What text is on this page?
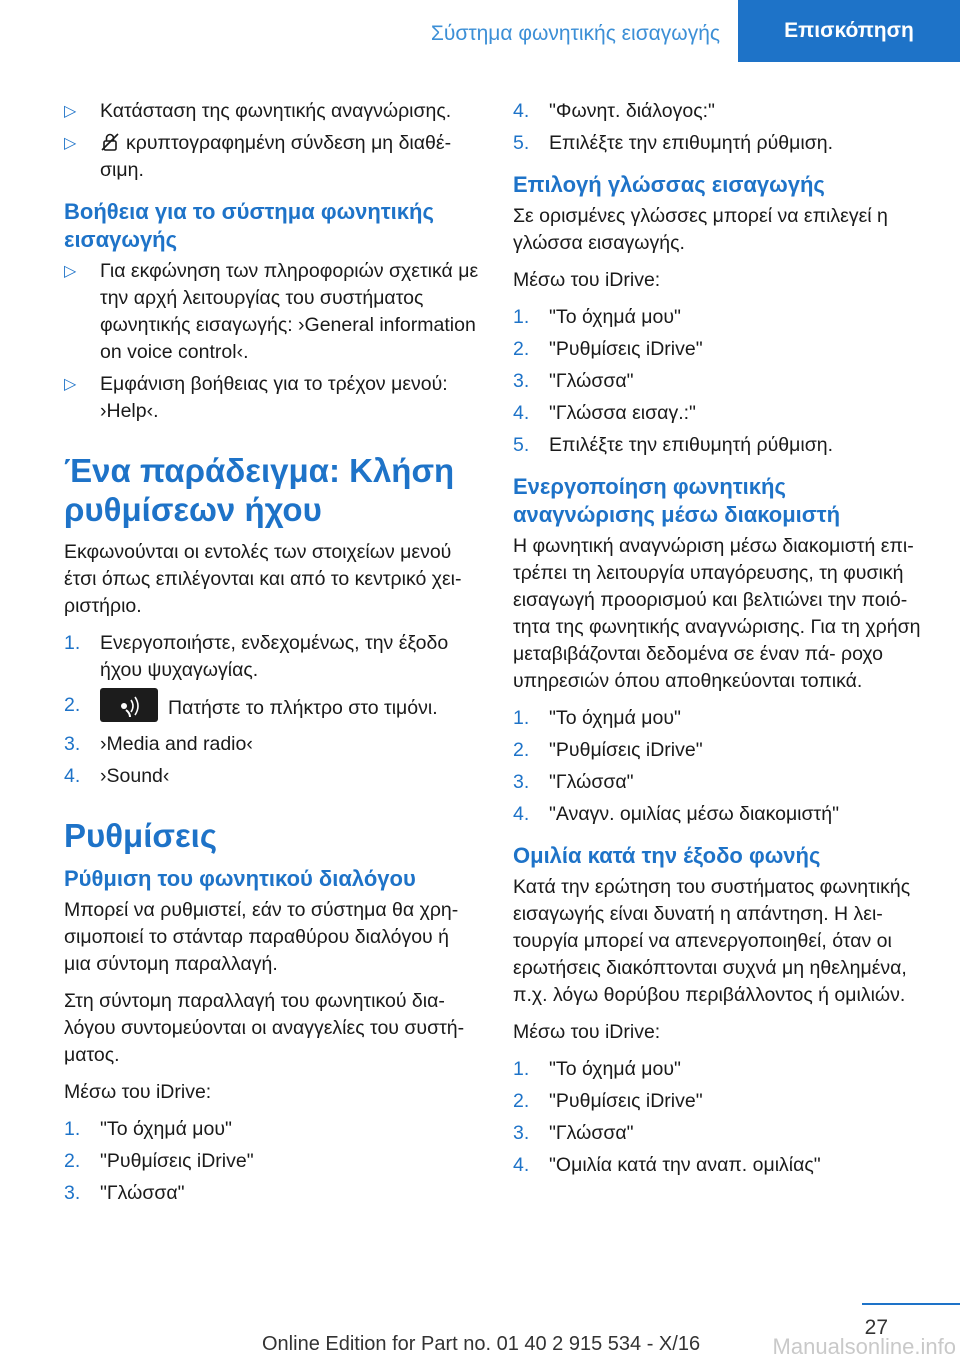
Σύστημα φωνητικής εισαγωγής	Επισκόπηση
▷ Κατάσταση της φωνητικής αναγνώρισης.
▷ κρυπτογραφημένη σύνδεση μη διαθέ‐ σιμη.
Βοήθεια για το σύστημα φωνητικής εισαγωγής
▷ Για εκφώνηση των πληροφοριών σχετικά με την αρχή λειτουργίας του συστήματος φωνητικής εισαγωγής: ›General information on voice control‹.
▷ Εμφάνιση βοήθειας για το τρέχον μενού: ›Help‹.
Ένα παράδειγμα: Κλήση ρυθμίσεων ήχου

Εκφωνούνται οι εντολές των στοιχείων μενού έτσι όπως επιλέγονται και από το κεντρικό χει‐ ριστήριο.

1. Ενεργοποιήστε, ενδεχομένως, την έξοδο ήχου ψυχαγωγίας.
2.	Πατήστε το πλήκτρο στο τιμόνι.
3. ›Media and radio‹
4. ›Sound‹
Ρυθμίσεις
Ρύθμιση του φωνητικού διαλόγου

Μπορεί να ρυθμιστεί, εάν το σύστημα θα χρη‐ σιμοποιεί το στάνταρ παραθύρου διαλόγου ή μια σύντομη παραλλαγή.

Στη σύντομη παραλλαγή του φωνητικού δια‐ λόγου συντομεύονται οι αναγγελίες του συστή‐ ματος.

Μέσω του iDrive:

1. "Το όχημά μου"
2. "Ρυθμίσεις iDrive"
3. "Γλώσσα"
4. "Φωνητ. διάλογος:"
5. Επιλέξτε την επιθυμητή ρύθμιση.
Επιλογή γλώσσας εισαγωγής

Σε ορισμένες γλώσσες μπορεί να επιλεγεί η γλώσσα εισαγωγής.

Μέσω του iDrive:

1. "Το όχημά μου"
2. "Ρυθμίσεις iDrive"
3. "Γλώσσα"
4. "Γλώσσα εισαγ.:"
5. Επιλέξτε την επιθυμητή ρύθμιση.
Ενεργοποίηση φωνητικής αναγνώρισης μέσω διακομιστή

Η φωνητική αναγνώριση μέσω διακομιστή επι‐ τρέπει τη λειτουργία υπαγόρευσης, τη φυσική εισαγωγή προορισμού και βελτιώνει την ποιό‐ τητα της φωνητικής αναγνώρισης. Για τη χρήση μεταβιβάζονται δεδομένα σε έναν πά‐ ροχο υπηρεσιών όπου αποθηκεύονται τοπικά.

1. "Το όχημά μου"
2. "Ρυθμίσεις iDrive"
3. "Γλώσσα"
4. "Αναγν. ομιλίας μέσω διακομιστή"
Ομιλία κατά την έξοδο φωνής

Κατά την ερώτηση του συστήματος φωνητικής εισαγωγής είναι δυνατή η απάντηση. Η λει‐ τουργία μπορεί να απενεργοποιηθεί, όταν οι ερωτήσεις διακόπτονται συχνά μη ηθελημένα, π.χ. λόγω θορύβου περιβάλλοντος ή ομιλιών.

Μέσω του iDrive:

1. "Το όχημά μου"
2. "Ρυθμίσεις iDrive"
3. "Γλώσσα"
4. "Ομιλία κατά την αναπ. ομιλίας"
27
Online Edition for Part no. 01 40 2 915 534 - X/16	Manualsonline.info
